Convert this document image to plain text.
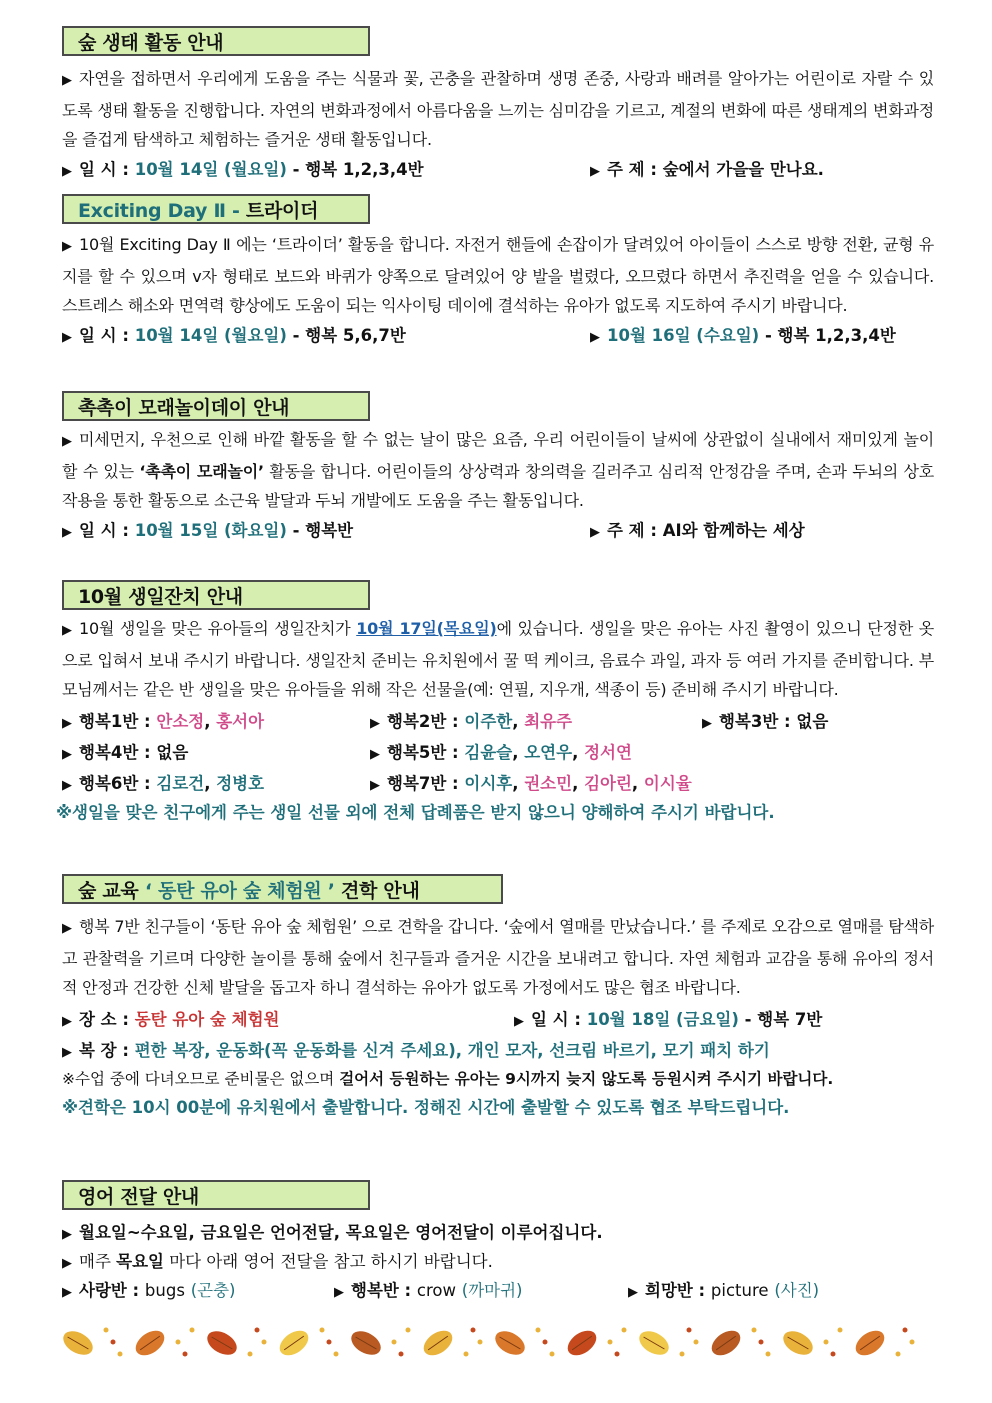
숲 생태 활동 안내

▶ 자연을 접하면서 우리에게 도움을 주는 식물과 꽃, 곤충을 관찰하며 생명 존중, 사랑과 배려를 알아가는 어린이로 자랄 수 있도록 생태 활동을 진행합니다. 자연의 변화과정에서 아름다움을 느끼는 심미감을 기르고, 계절의 변화에 따른 생태계의 변화과정을 즐겁게 탐색하고 체험하는 즐거운 생태 활동입니다.

▶ 일 시 : 10월 14일 (월요일) - 행복 1,2,3,4반	▶ 주 제 : 숲에서 가을을 만나요.
Exciting Day Ⅱ - 트라이더

▶ 10월 Exciting Day Ⅱ 에는 ‘트라이더’ 활동을 합니다. 자전거 핸들에 손잡이가 달려있어 아이들이 스스로 방향 전환, 균형 유지를 할 수 있으며 v자 형태로 보드와 바퀴가 양쪽으로 달려있어 양 발을 벌렸다, 오므렸다 하면서 추진력을 얻을 수 있습니다. 스트레스 해소와 면역력 향상에도 도움이 되는 익사이팅 데이에 결석하는 유아가 없도록 지도하여 주시기 바랍니다.

▶ 일 시 : 10월 14일 (월요일) - 행복 5,6,7반	▶ 10월 16일 (수요일) - 행복 1,2,3,4반
촉촉이 모래놀이데이 안내

▶ 미세먼지, 우천으로 인해 바깥 활동을 할 수 없는 날이 많은 요즘, 우리 어린이들이 날씨에 상관없이 실내에서 재미있게 놀이할 수 있는 ‘촉촉이 모래놀이’ 활동을 합니다. 어린이들의 상상력과 창의력을 길러주고 심리적 안정감을 주며, 손과 두뇌의 상호작용을 통한 활동으로 소근육 발달과 두뇌 개발에도 도움을 주는 활동입니다.

▶ 일 시 : 10월 15일 (화요일) - 행복반	▶ 주 제 : AI와 함께하는 세상
10월 생일잔치 안내

▶ 10월 생일을 맞은 유아들의 생일잔치가 10월 17일(목요일)에 있습니다. 생일을 맞은 유아는 사진 촬영이 있으니 단정한 옷으로 입혀서 보내 주시기 바랍니다. 생일잔치 준비는 유치원에서 꿀 떡 케이크, 음료수 과일, 과자 등 여러 가지를 준비합니다. 부모님께서는 같은 반 생일을 맞은 유아들을 위해 작은 선물을(예: 연필, 지우개, 색종이 등) 준비해 주시기 바랍니다.

▶ 행복1반 : 안소정, 홍서아	▶ 행복2반 : 이주한, 최유주	▶ 행복3반 : 없음
▶ 행복4반 : 없음	▶ 행복5반 : 김윤슬, 오연우, 정서연
▶ 행복6반 : 김로건, 정병호	▶ 행복7반 : 이시후, 권소민, 김아린, 이시율
※생일을 맞은 친구에게 주는 생일 선물 외에 전체 답례품은 받지 않으니 양해하여 주시기 바랍니다.
숲 교육 ‘ 동탄 유아 숲 체험원 ’ 견학 안내

▶ 행복 7반 친구들이 ‘동탄 유아 숲 체험원’ 으로 견학을 갑니다. ‘숲에서 열매를 만났습니다.’ 를 주제로 오감으로 열매를 탐색하고 관찰력을 기르며 다양한 놀이를 통해 숲에서 친구들과 즐거운 시간을 보내려고 합니다. 자연 체험과 교감을 통해 유아의 정서적 안정과 건강한 신체 발달을 돕고자 하니 결석하는 유아가 없도록 가정에서도 많은 협조 바랍니다.

▶ 장 소 : 동탄 유아 숲 체험원	▶ 일 시 : 10월 18일 (금요일) - 행복 7반
▶ 복 장 : 편한 복장, 운동화(꼭 운동화를 신겨 주세요), 개인 모자, 선크림 바르기, 모기 패치 하기
※수업 중에 다녀오므로 준비물은 없으며 걸어서 등원하는 유아는 9시까지 늦지 않도록 등원시켜 주시기 바랍니다.
※견학은 10시 00분에 유치원에서 출발합니다. 정해진 시간에 출발할 수 있도록 협조 부탁드립니다.
영어 전달 안내
▶ 월요일~수요일, 금요일은 언어전달, 목요일은 영어전달이 이루어집니다.
▶ 매주 목요일 마다 아래 영어 전달을 참고 하시기 바랍니다.
▶ 사랑반 : bugs (곤충)	▶ 행복반 : crow (까마귀)	▶ 희망반 : picture (사진)
